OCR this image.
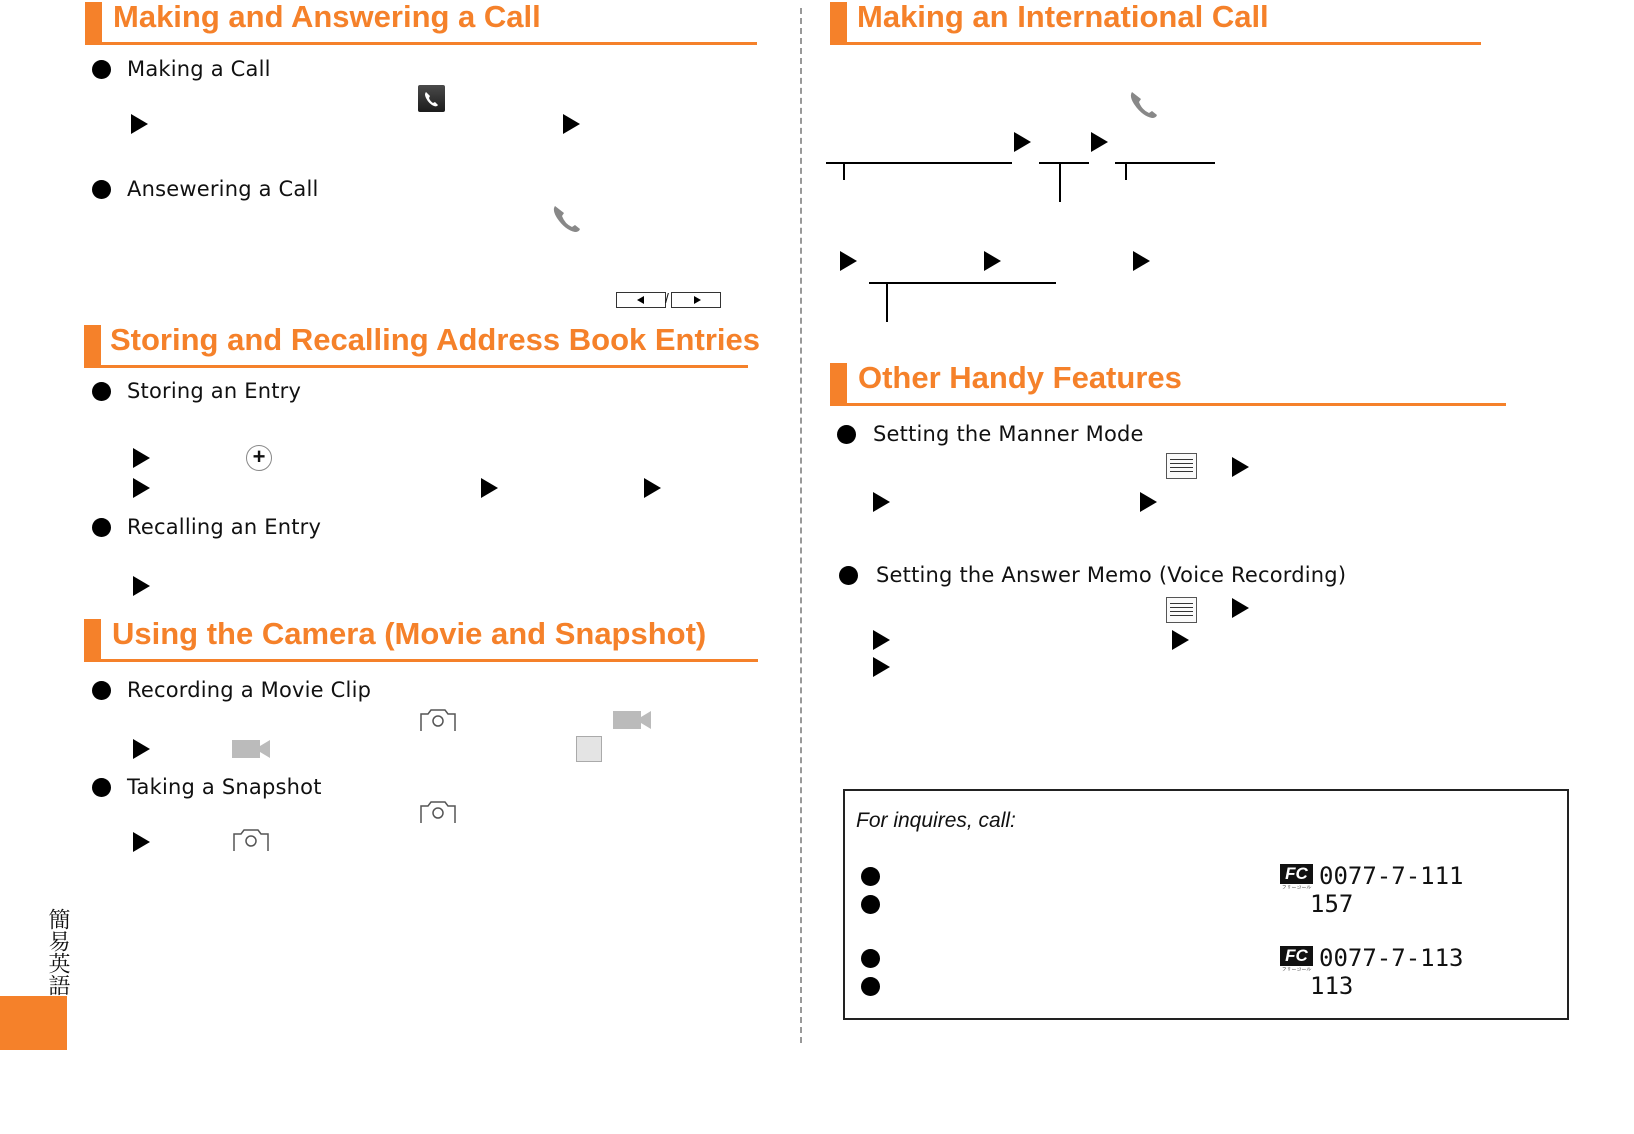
Making and Answering a Call
Making a Call
Ansewering a Call
/
Storing and Recalling Address Book Entries
Storing an Entry
+
Recalling an Entry
Using the Camera (Movie and Snapshot)
Recording a Movie Clip
Taking a Snapshot
簡易英語
Making an International Call
Other Handy Features
Setting the Manner Mode
Setting the Answer Memo (Voice Recording)
For inquires, call:
FC
フリーコール 0077-7-111
157
FC
フリーコール 0077-7-113
113
